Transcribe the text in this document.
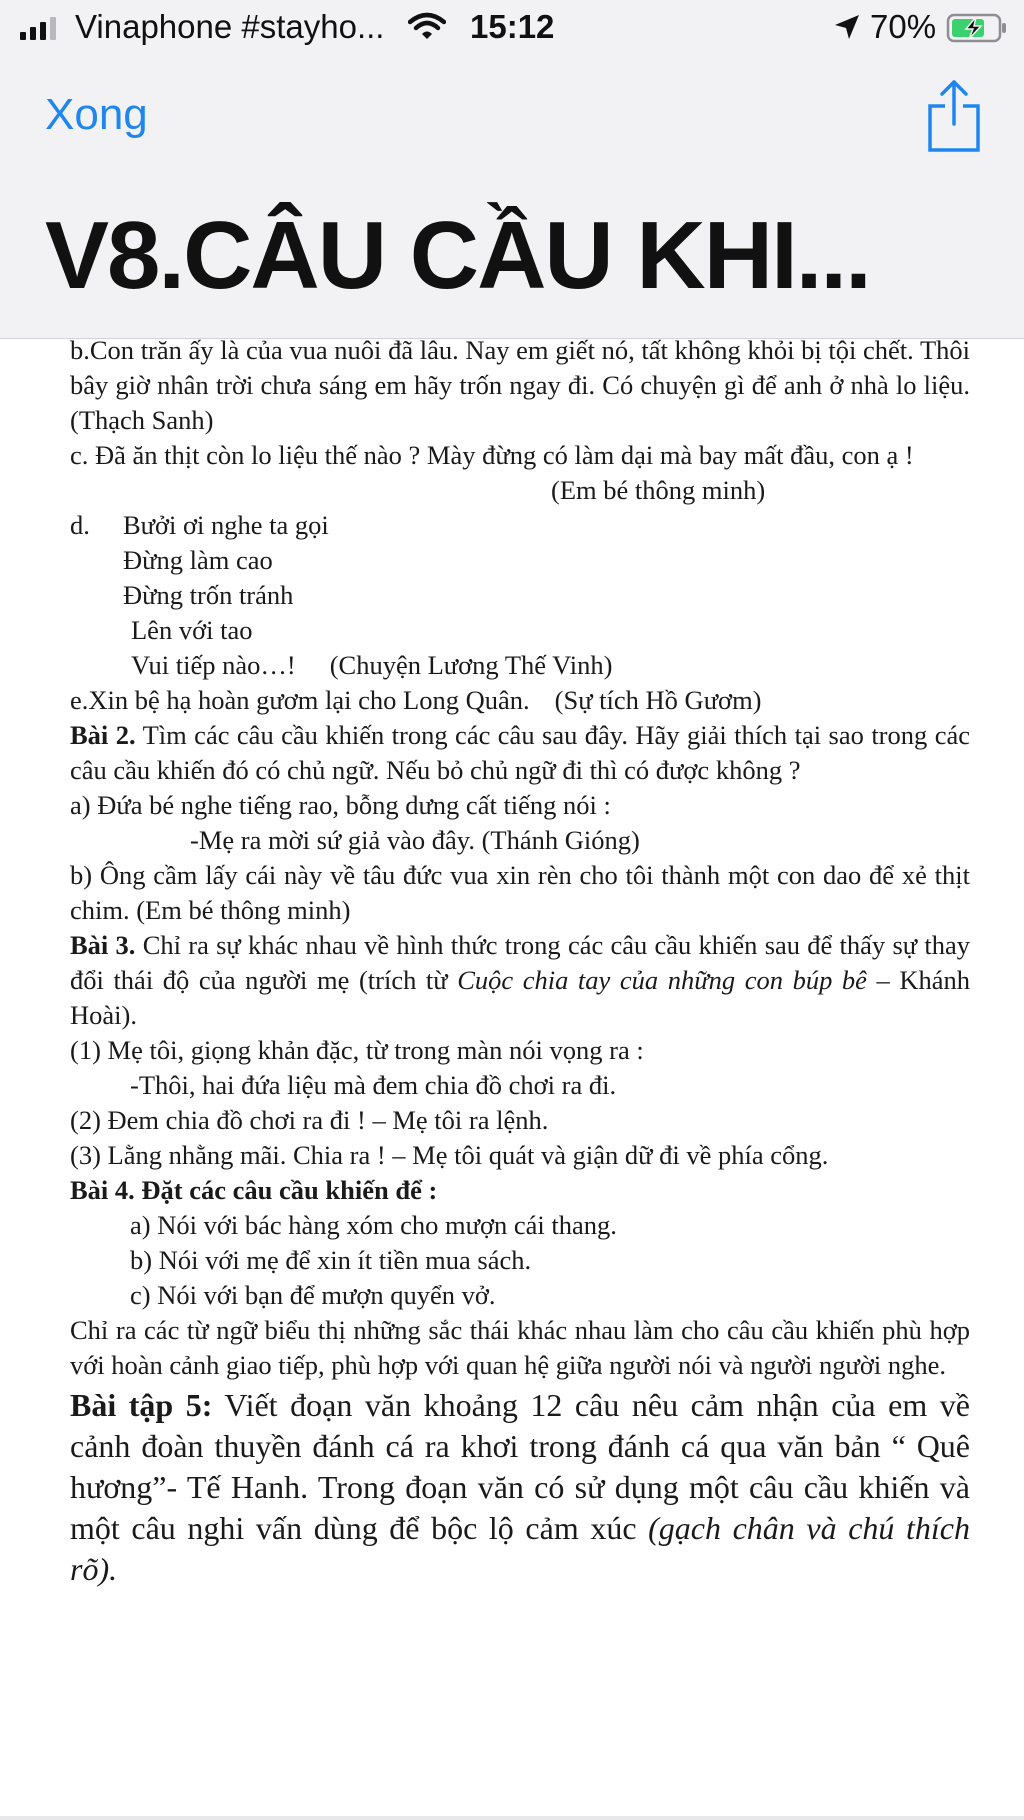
Vinaphone #stayho...	15:12	70%
Xong
V8.CÂU CẦU KHI...

b.Con trăn ấy là của vua nuôi đã lâu. Nay em giết nó, tất không khỏi bị tội chết. Thôi bây giờ nhân trời chưa sáng em hãy trốn ngay đi. Có chuyện gì để anh ở nhà lo liệu. (Thạch Sanh)

c. Đã ăn thịt còn lo liệu thế nào ? Mày đừng có làm dại mà bay mất đầu, con ạ !

(Em bé thông minh)

d.	Bưởi ơi nghe ta gọi

Đừng làm cao

Đừng trốn tránh

Lên với tao

Vui tiếp nào…! (Chuyện Lương Thế Vinh)

e.Xin bệ hạ hoàn gươm lại cho Long Quân. (Sự tích Hồ Gươm)

Bài 2. Tìm các câu cầu khiến trong các câu sau đây. Hãy giải thích tại sao trong các câu cầu khiến đó có chủ ngữ. Nếu bỏ chủ ngữ đi thì có được không ?

a) Đứa bé nghe tiếng rao, bỗng dưng cất tiếng nói :

-Mẹ ra mời sứ giả vào đây. (Thánh Gióng)

b) Ông cầm lấy cái này về tâu đức vua xin rèn cho tôi thành một con dao để xẻ thịt chim. (Em bé thông minh)

Bài 3. Chỉ ra sự khác nhau về hình thức trong các câu cầu khiến sau để thấy sự thay đổi thái độ của người mẹ (trích từ Cuộc chia tay của những con búp bê – Khánh Hoài).

(1) Mẹ tôi, giọng khản đặc, từ trong màn nói vọng ra :

-Thôi, hai đứa liệu mà đem chia đồ chơi ra đi.

(2) Đem chia đồ chơi ra đi ! – Mẹ tôi ra lệnh.

(3) Lằng nhằng mãi. Chia ra ! – Mẹ tôi quát và giận dữ đi về phía cổng.

Bài 4. Đặt các câu cầu khiến để :

a) Nói với bác hàng xóm cho mượn cái thang.

b) Nói với mẹ để xin ít tiền mua sách.

c) Nói với bạn để mượn quyển vở.

Chỉ ra các từ ngữ biểu thị những sắc thái khác nhau làm cho câu cầu khiến phù hợp với hoàn cảnh giao tiếp, phù hợp với quan hệ giữa người nói và người người nghe.

Bài tập 5: Viết đoạn văn khoảng 12 câu nêu cảm nhận của em về cảnh đoàn thuyền đánh cá ra khơi trong đánh cá qua văn bản “ Quê hương”- Tế Hanh. Trong đoạn văn có sử dụng một câu cầu khiến và một câu nghi vấn dùng để bộc lộ cảm xúc (gạch chân và chú thích rõ).
